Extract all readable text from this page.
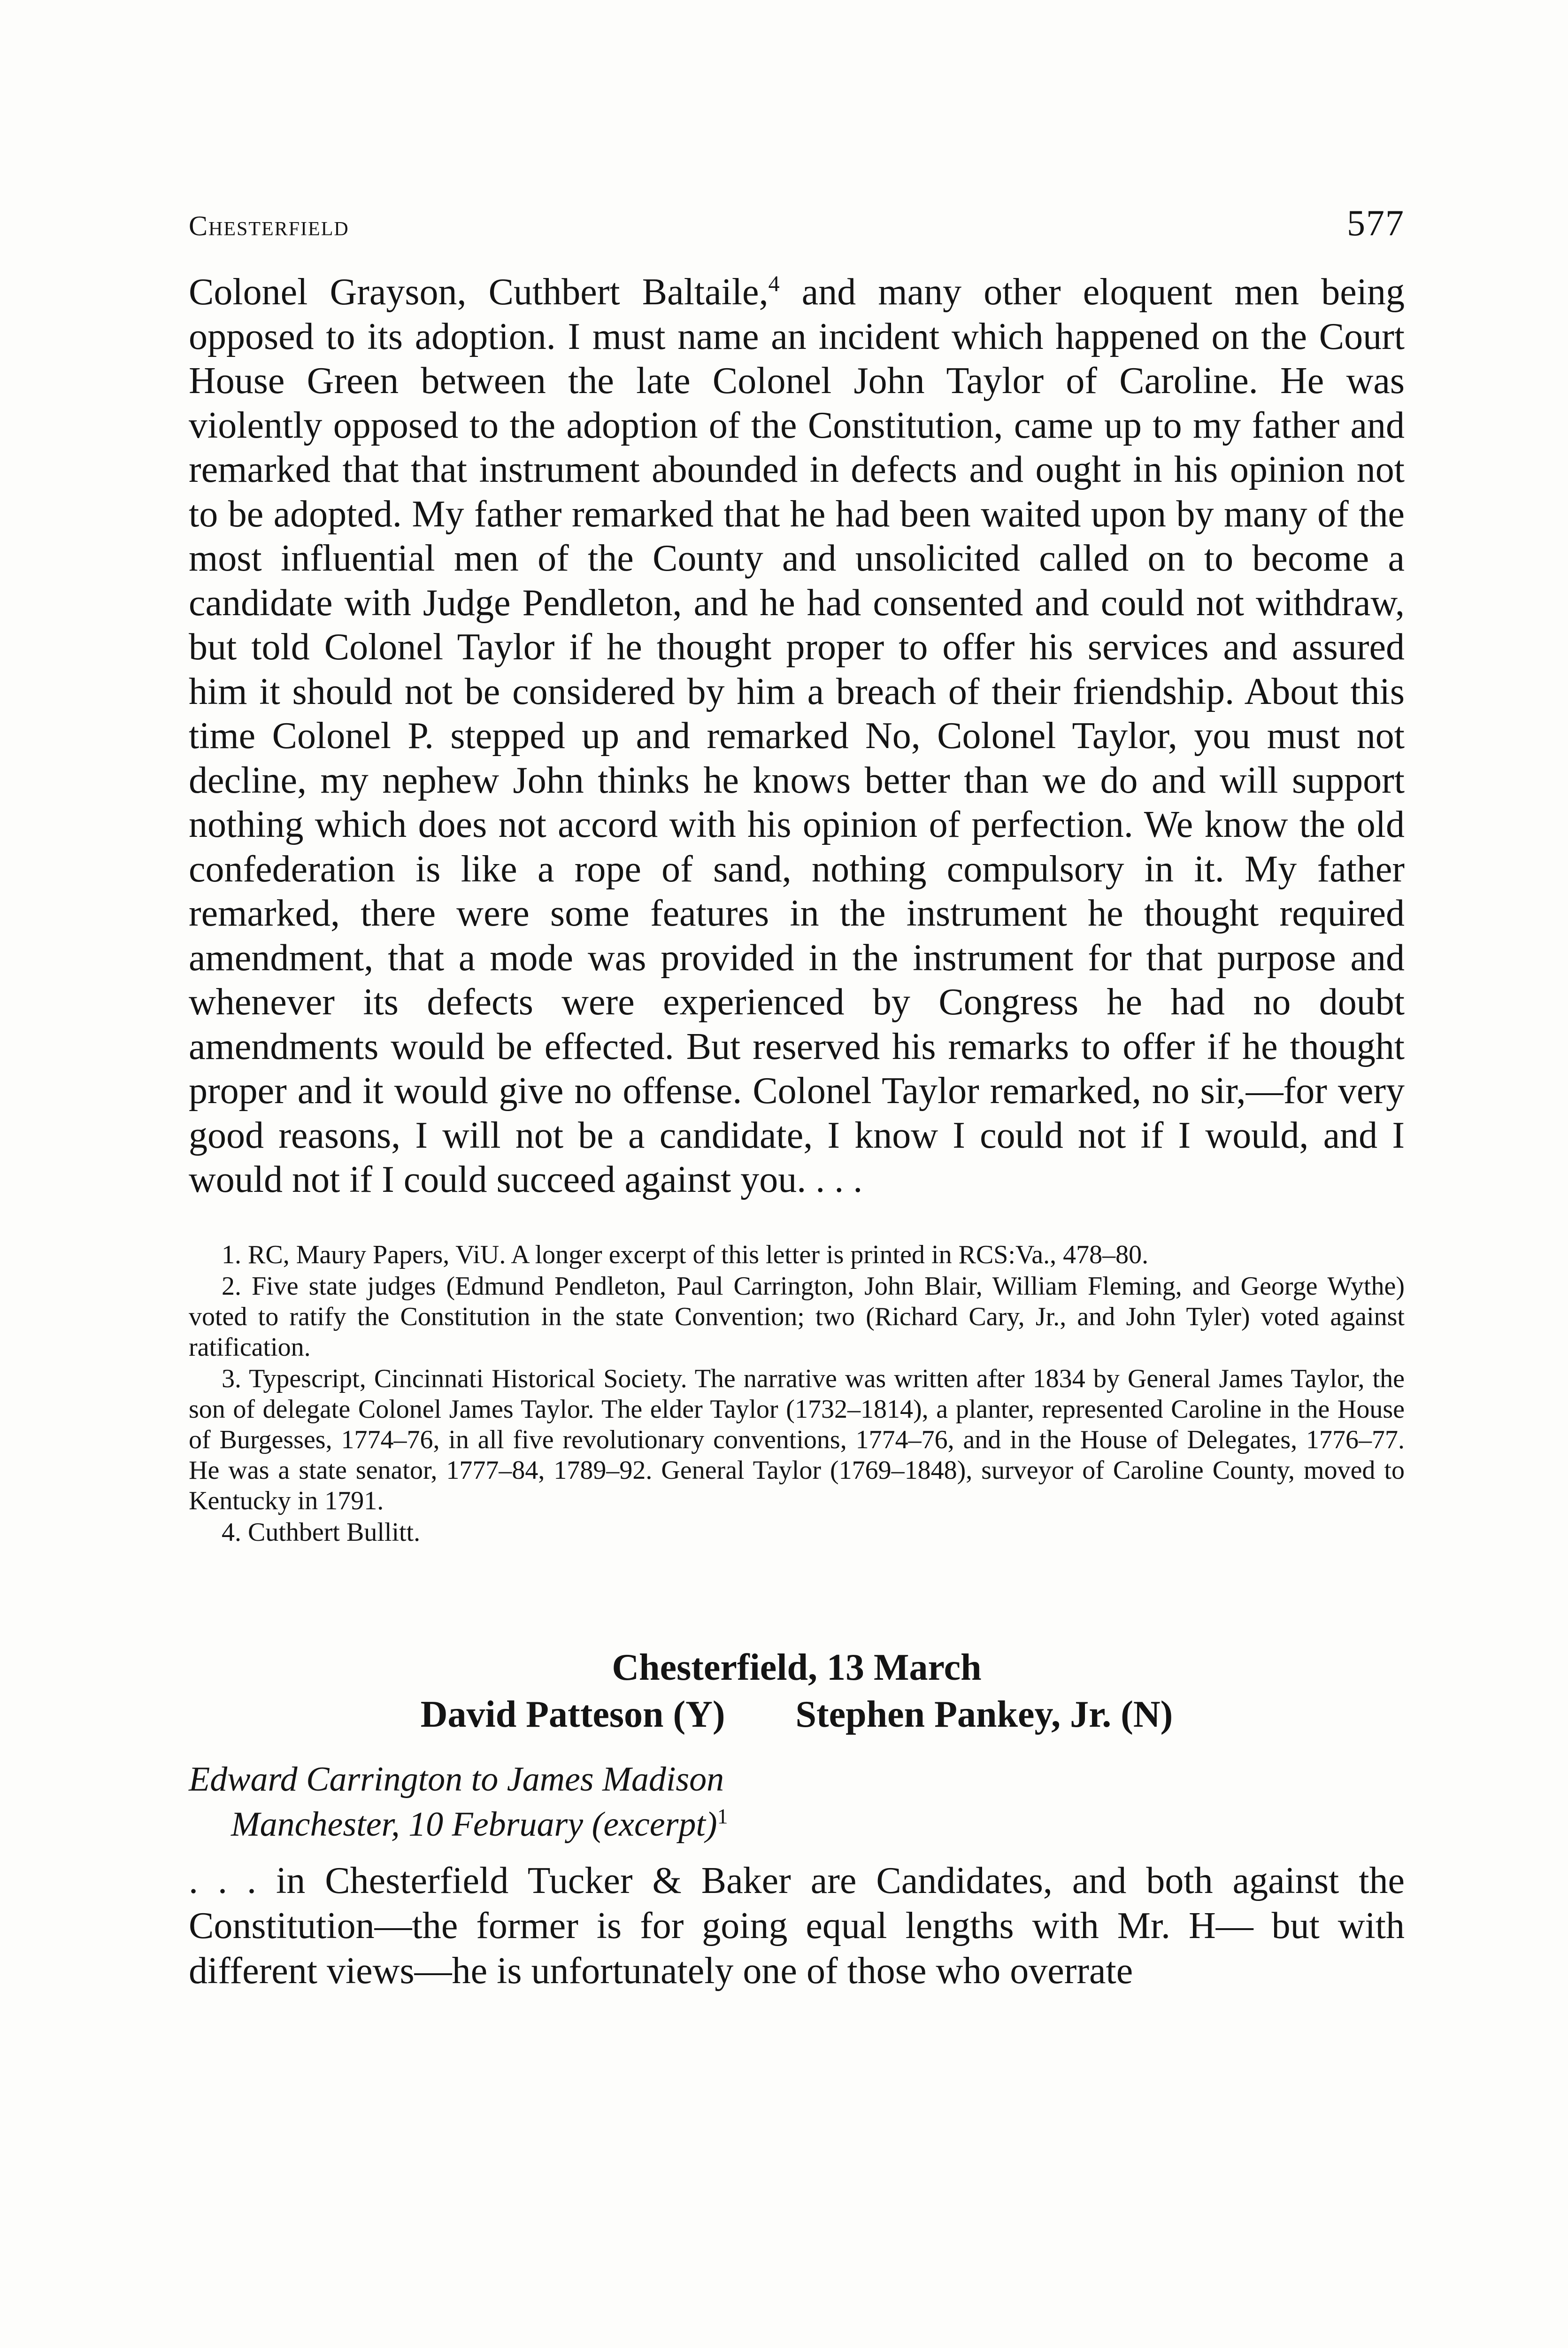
Chesterfield	577

Colonel Grayson, Cuthbert Baltaile,$^4$ and many other eloquent men being opposed to its adoption. I must name an incident which happened on the Court House Green between the late Colonel John Taylor of Caroline. He was violently opposed to the adoption of the Constitution, came up to my father and remarked that that instrument abounded in defects and ought in his opinion not to be adopted. My father remarked that he had been waited upon by many of the most influential men of the County and unsolicited called on to become a candidate with Judge Pendleton, and he had consented and could not withdraw, but told Colonel Taylor if he thought proper to offer his services and assured him it should not be considered by him a breach of their friendship. About this time Colonel P. stepped up and remarked No, Colonel Taylor, you must not decline, my nephew John thinks he knows better than we do and will support nothing which does not accord with his opinion of perfection. We know the old confederation is like a rope of sand, nothing compulsory in it. My father remarked, there were some features in the instrument he thought required amendment, that a mode was provided in the instrument for that purpose and whenever its defects were experienced by Congress he had no doubt amendments would be effected. But reserved his remarks to offer if he thought proper and it would give no offense. Colonel Taylor remarked, no sir,—for very good reasons, I will not be a candidate, I know I could not if I would, and I would not if I could succeed against you. . . .

1. RC, Maury Papers, ViU. A longer excerpt of this letter is printed in RCS:Va., 478–80.

2. Five state judges (Edmund Pendleton, Paul Carrington, John Blair, William Fleming, and George Wythe) voted to ratify the Constitution in the state Convention; two (Richard Cary, Jr., and John Tyler) voted against ratification.

3. Typescript, Cincinnati Historical Society. The narrative was written after 1834 by General James Taylor, the son of delegate Colonel James Taylor. The elder Taylor (1732–1814), a planter, represented Caroline in the House of Burgesses, 1774–76, in all five revolutionary conventions, 1774–76, and in the House of Delegates, 1776–77. He was a state senator, 1777–84, 1789–92. General Taylor (1769–1848), surveyor of Caroline County, moved to Kentucky in 1791.

4. Cuthbert Bullitt.

Chesterfield, 13 March
David Patteson (Y) Stephen Pankey, Jr. (N)
Edward Carrington to James Madison
Manchester, 10 February (excerpt)$^1$

. . . in Chesterfield Tucker & Baker are Candidates, and both against the Constitution—the former is for going equal lengths with Mr. H— but with different views—he is unfortunately one of those who overrate
